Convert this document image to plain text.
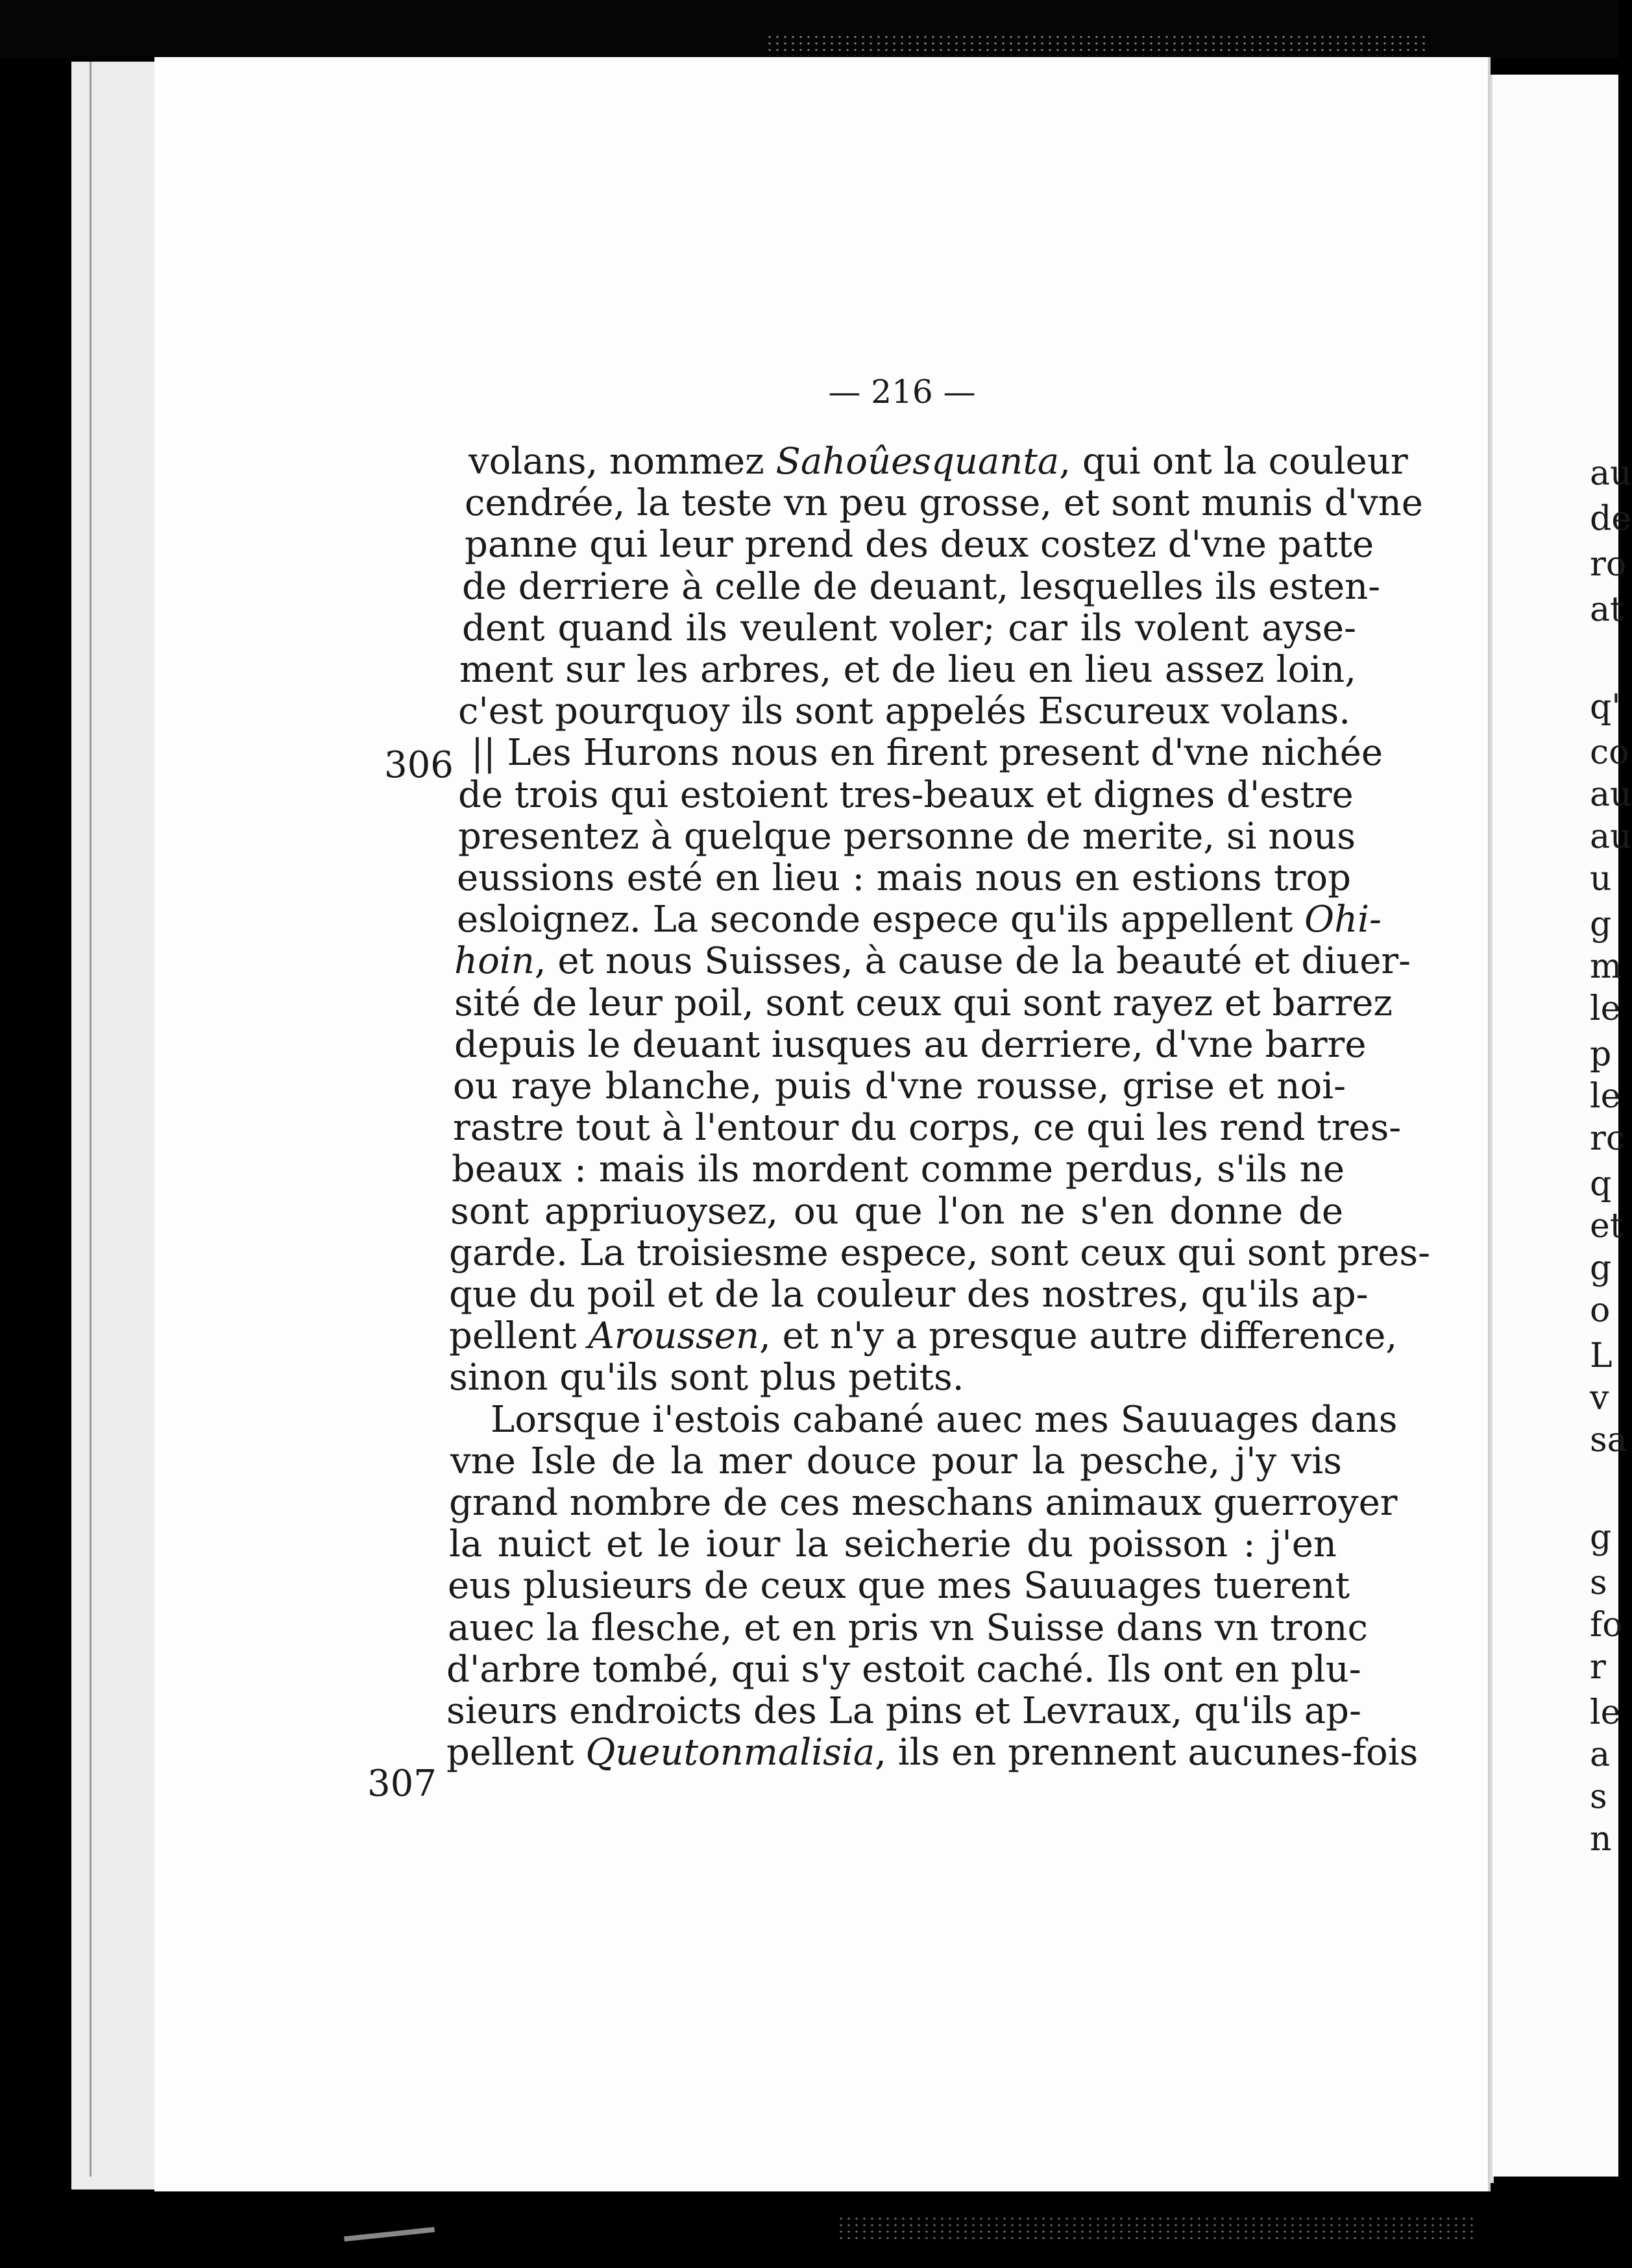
— 216 —
306
307
volans, nommez Sahoûesquanta, qui ont la couleur
cendrée, la teste vn peu grosse, et sont munis d'vne
panne qui leur prend des deux costez d'vne patte
de derriere à celle de deuant, lesquelles ils esten-
dent quand ils veulent voler; car ils volent ayse-
ment sur les arbres, et de lieu en lieu assez loin,
c'est pourquoy ils sont appelés Escureux volans.
|| Les Hurons nous en firent present d'vne nichée
de trois qui estoient tres-beaux et dignes d'estre
presentez à quelque personne de merite, si nous
eussions esté en lieu : mais nous en estions trop
esloignez. La seconde espece qu'ils appellent Ohi-
hoin, et nous Suisses, à cause de la beauté et diuer-
sité de leur poil, sont ceux qui sont rayez et barrez
depuis le deuant iusques au derriere, d'vne barre
ou raye blanche, puis d'vne rousse, grise et noi-
rastre tout à l'entour du corps, ce qui les rend tres-
beaux : mais ils mordent comme perdus, s'ils ne
sont appriuoysez, ou que l'on ne s'en donne de
garde. La troisiesme espece, sont ceux qui sont pres-
que du poil et de la couleur des nostres, qu'ils ap-
pellent Aroussen, et n'y a presque autre difference,
sinon qu'ils sont plus petits.
Lorsque i'estois cabané auec mes Sauuages dans
vne Isle de la mer douce pour la pesche, j'y vis
grand nombre de ces meschans animaux guerroyer
la nuict et le iour la seicherie du poisson : j'en
eus plusieurs de ceux que mes Sauuages tuerent
auec la flesche, et en pris vn Suisse dans vn tronc
d'arbre tombé, qui s'y estoit caché. Ils ont en plu-
sieurs endroicts des La pins et Levraux, qu'ils ap-
pellent Queutonmalisia, ils en prennent aucunes-fois
au
de
ro
at
q'
co
au
au
u
g
m
le
p
le
rc
q
et
g
o
L
v
sa
g
s
fo
r
le
a
s
n
